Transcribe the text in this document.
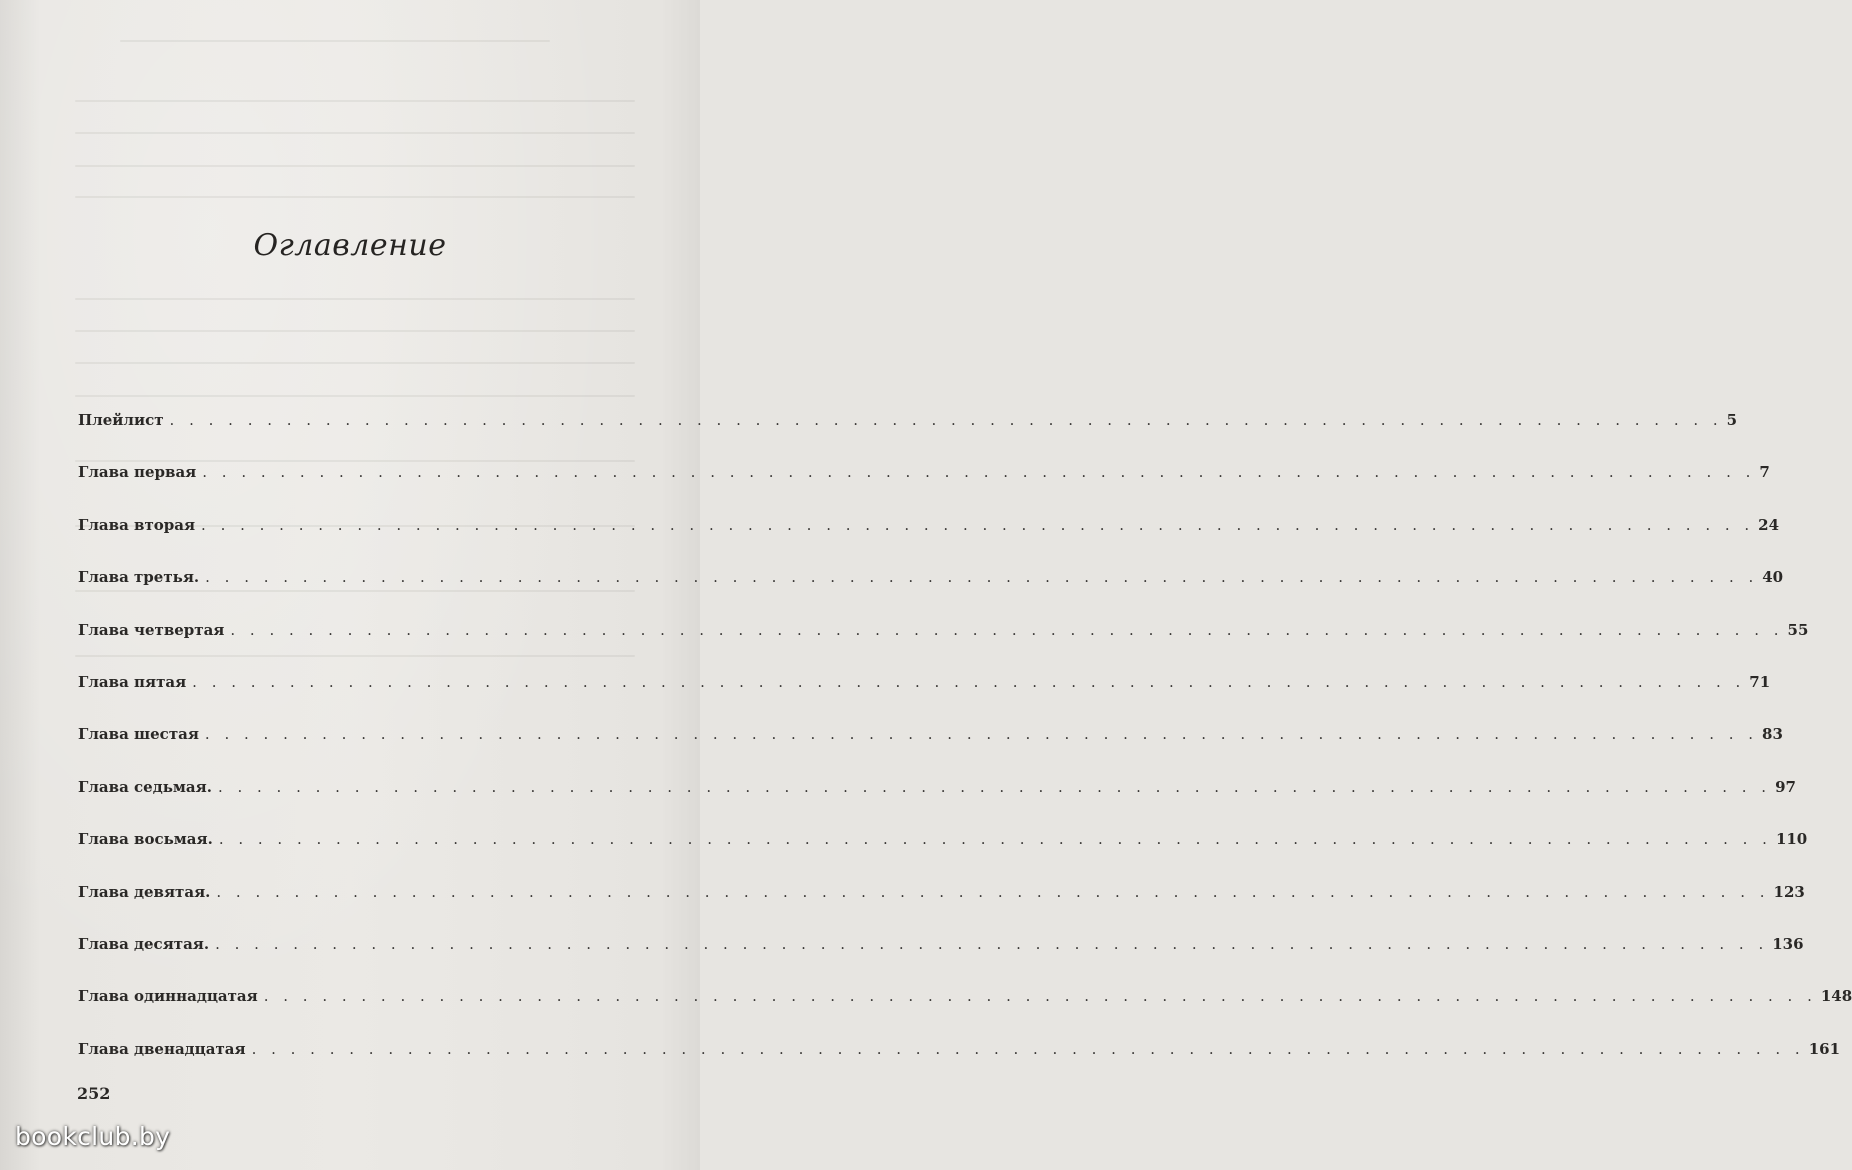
Оглавление
Плейлист . . . . . . . . . . . . . . . . . . . . . . . . . . . . . . . . . . . . . . . . . . . . . . . . . . . . . . . . . . . . . . . . . . . . . . . . . . . . . . . . 5
Глава первая . . . . . . . . . . . . . . . . . . . . . . . . . . . . . . . . . . . . . . . . . . . . . . . . . . . . . . . . . . . . . . . . . . . . . . . . . . . . . . . . 7
Глава вторая . . . . . . . . . . . . . . . . . . . . . . . . . . . . . . . . . . . . . . . . . . . . . . . . . . . . . . . . . . . . . . . . . . . . . . . . . . . . . . . . 24
Глава третья. . . . . . . . . . . . . . . . . . . . . . . . . . . . . . . . . . . . . . . . . . . . . . . . . . . . . . . . . . . . . . . . . . . . . . . . . . . . . . . . . 40
Глава четвертая . . . . . . . . . . . . . . . . . . . . . . . . . . . . . . . . . . . . . . . . . . . . . . . . . . . . . . . . . . . . . . . . . . . . . . . . . . . . . . . . 55
Глава пятая . . . . . . . . . . . . . . . . . . . . . . . . . . . . . . . . . . . . . . . . . . . . . . . . . . . . . . . . . . . . . . . . . . . . . . . . . . . . . . . . 71
Глава шестая . . . . . . . . . . . . . . . . . . . . . . . . . . . . . . . . . . . . . . . . . . . . . . . . . . . . . . . . . . . . . . . . . . . . . . . . . . . . . . . . 83
Глава седьмая. . . . . . . . . . . . . . . . . . . . . . . . . . . . . . . . . . . . . . . . . . . . . . . . . . . . . . . . . . . . . . . . . . . . . . . . . . . . . . . . . 97
Глава восьмая. . . . . . . . . . . . . . . . . . . . . . . . . . . . . . . . . . . . . . . . . . . . . . . . . . . . . . . . . . . . . . . . . . . . . . . . . . . . . . . . . 110
Глава девятая. . . . . . . . . . . . . . . . . . . . . . . . . . . . . . . . . . . . . . . . . . . . . . . . . . . . . . . . . . . . . . . . . . . . . . . . . . . . . . . . . 123
Глава десятая. . . . . . . . . . . . . . . . . . . . . . . . . . . . . . . . . . . . . . . . . . . . . . . . . . . . . . . . . . . . . . . . . . . . . . . . . . . . . . . . . 136
Глава одиннадцатая . . . . . . . . . . . . . . . . . . . . . . . . . . . . . . . . . . . . . . . . . . . . . . . . . . . . . . . . . . . . . . . . . . . . . . . . . . . . . . . . 148
Глава двенадцатая . . . . . . . . . . . . . . . . . . . . . . . . . . . . . . . . . . . . . . . . . . . . . . . . . . . . . . . . . . . . . . . . . . . . . . . . . . . . . . . . 161
252
bookclub.by
